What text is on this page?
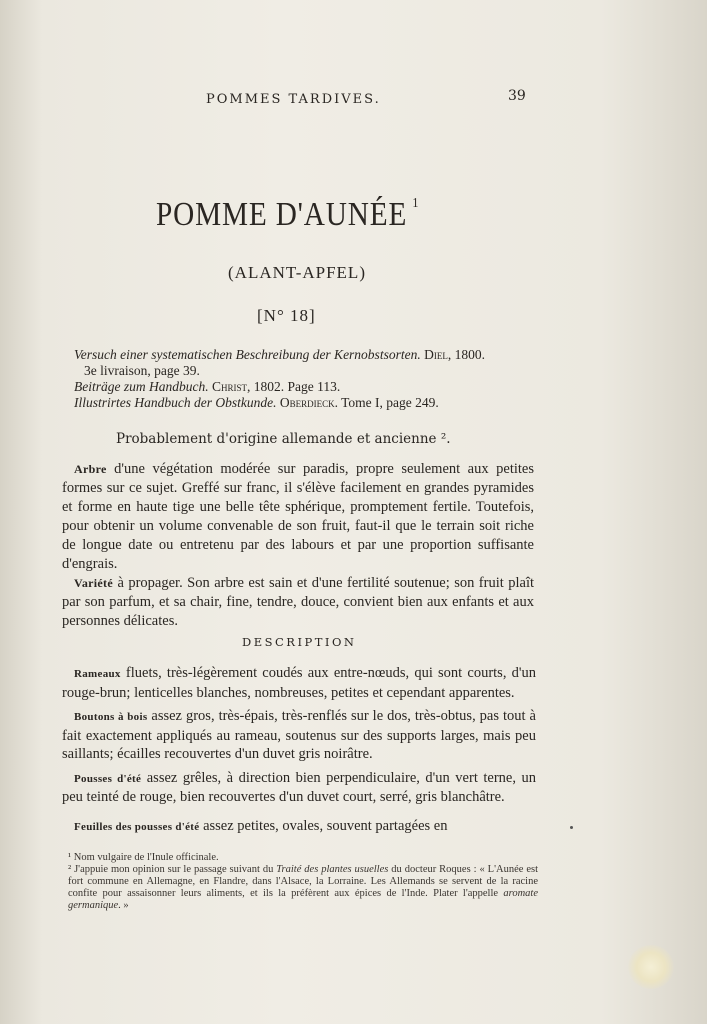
POMMES TARDIVES.	39
POMME D'AUNÉE $^1$
(ALANT-APFEL)
[N° 18]
Versuch einer systematischen Beschreibung der Kernobstsorten. Diel, 1800.
3e livraison, page 39.
Beiträge zum Handbuch. Christ, 1802. Page 113.
Illustrirtes Handbuch der Obstkunde. Oberdieck. Tome I, page 249.
Probablement d'origine allemande et ancienne ².

Arbre d'une végétation modérée sur paradis, propre seulement aux petites formes sur ce sujet. Greffé sur franc, il s'élève facilement en grandes pyramides et forme en haute tige une belle tête sphérique, promptement fertile. Toutefois, pour obtenir un volume convenable de son fruit, faut-il que le terrain soit riche de longue date ou entretenu par des labours et par une proportion suffisante d'engrais.

Variété à propager. Son arbre est sain et d'une fertilité soutenue; son fruit plaît par son parfum, et sa chair, fine, tendre, douce, convient bien aux enfants et aux personnes délicates.

DESCRIPTION

Rameaux fluets, très-légèrement coudés aux entre-nœuds, qui sont courts, d'un rouge-brun; lenticelles blanches, nombreuses, petites et cependant apparentes.

Boutons à bois assez gros, très-épais, très-renflés sur le dos, très-obtus, pas tout à fait exactement appliqués au rameau, soutenus sur des supports larges, mais peu saillants; écailles recouvertes d'un duvet gris noirâtre.

Pousses d'été assez grêles, à direction bien perpendiculaire, d'un vert terne, un peu teinté de rouge, bien recouvertes d'un duvet court, serré, gris blanchâtre.

Feuilles des pousses d'été assez petites, ovales, souvent partagées en

¹ Nom vulgaire de l'Inule officinale.

² J'appuie mon opinion sur le passage suivant du Traité des plantes usuelles du docteur Roques : « L'Aunée est fort commune en Allemagne, en Flandre, dans l'Alsace, la Lorraine. Les Allemands se servent de la racine confite pour assaisonner leurs aliments, et ils la préfèrent aux épices de l'Inde. Plater l'appelle aromate germanique. »
